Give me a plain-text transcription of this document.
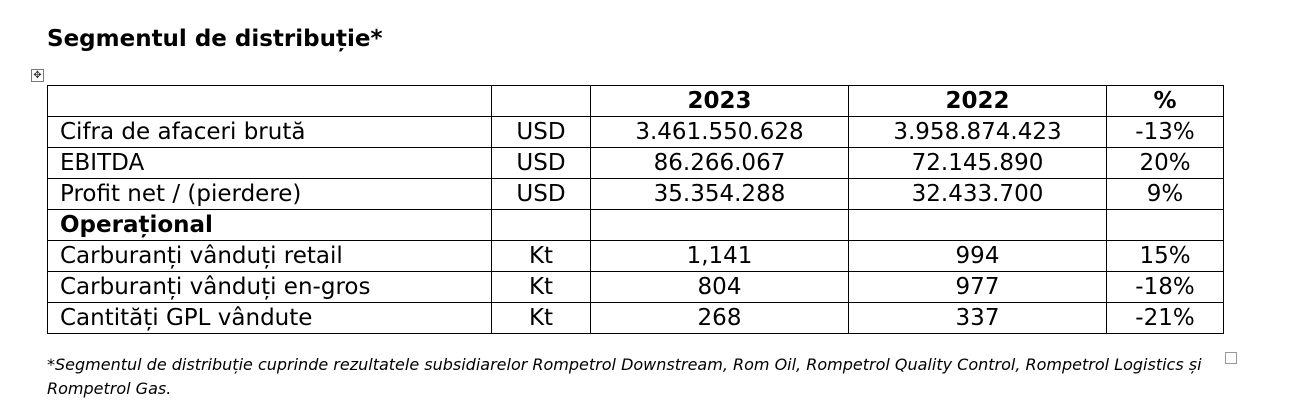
Segmentul de distribuție*
✥
		2023	2022	%
Cifra de afaceri brută	USD	3.461.550.628	3.958.874.423	-13%
EBITDA	USD	86.266.067	72.145.890	20%
Profit net / (pierdere)	USD	35.354.288	32.433.700	9%
Operațional				
Carburanți vânduți retail	Kt	1,141	994	15%
Carburanți vânduți en-gros	Kt	804	977	-18%
Cantități GPL vândute	Kt	268	337	-21%

*Segmentul de distribuție cuprinde rezultatele subsidiarelor Rompetrol Downstream, Rom Oil, Rompetrol Quality Control, Rompetrol Logistics și Rompetrol Gas.
